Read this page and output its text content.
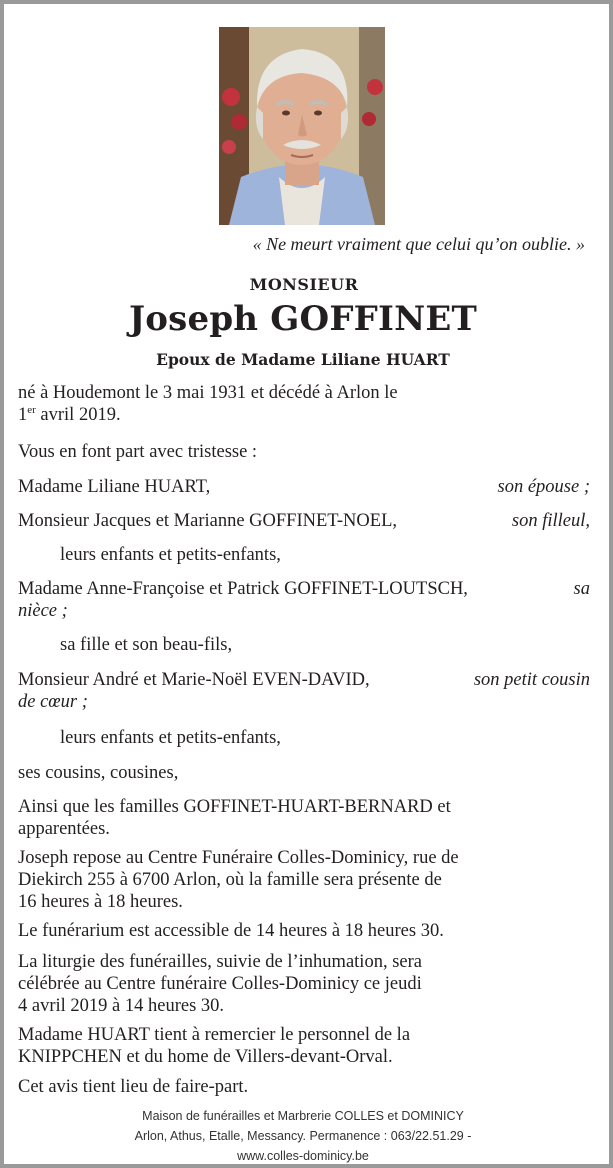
« Ne meurt vraiment que celui qu’on oublie. »
MONSIEUR
Joseph GOFFINET
Epoux de Madame Liliane HUART
né à Houdemont le 3 mai 1931 et décédé à Arlon le
1er avril 2019.
Vous en font part avec tristesse :
Madame Liliane HUART,	son épouse ;
Monsieur Jacques et Marianne GOFFINET-NOEL,	son filleul,
leurs enfants et petits-enfants,
Madame Anne-Françoise et Patrick GOFFINET-LOUTSCH,	sa
nièce ;
sa fille et son beau-fils,
Monsieur André et Marie-Noël EVEN-DAVID,	son petit cousin
de cœur ;
leurs enfants et petits-enfants,
ses cousins, cousines,
Ainsi que les familles GOFFINET-HUART-BERNARD et
apparentées.
Joseph repose au Centre Funéraire Colles-Dominicy, rue de
Diekirch 255 à 6700 Arlon, où la famille sera présente de
16 heures à 18 heures.
Le funérarium est accessible de 14 heures à 18 heures 30.
La liturgie des funérailles, suivie de l’inhumation, sera
célébrée au Centre funéraire Colles-Dominicy ce jeudi
4 avril 2019 à 14 heures 30.
Madame HUART tient à remercier le personnel de la
KNIPPCHEN et du home de Villers-devant-Orval.
Cet avis tient lieu de faire-part.
Maison de funérailles et Marbrerie COLLES et DOMINICY
Arlon, Athus, Etalle, Messancy. Permanence : 063/22.51.29 -
www.colles-dominicy.be
